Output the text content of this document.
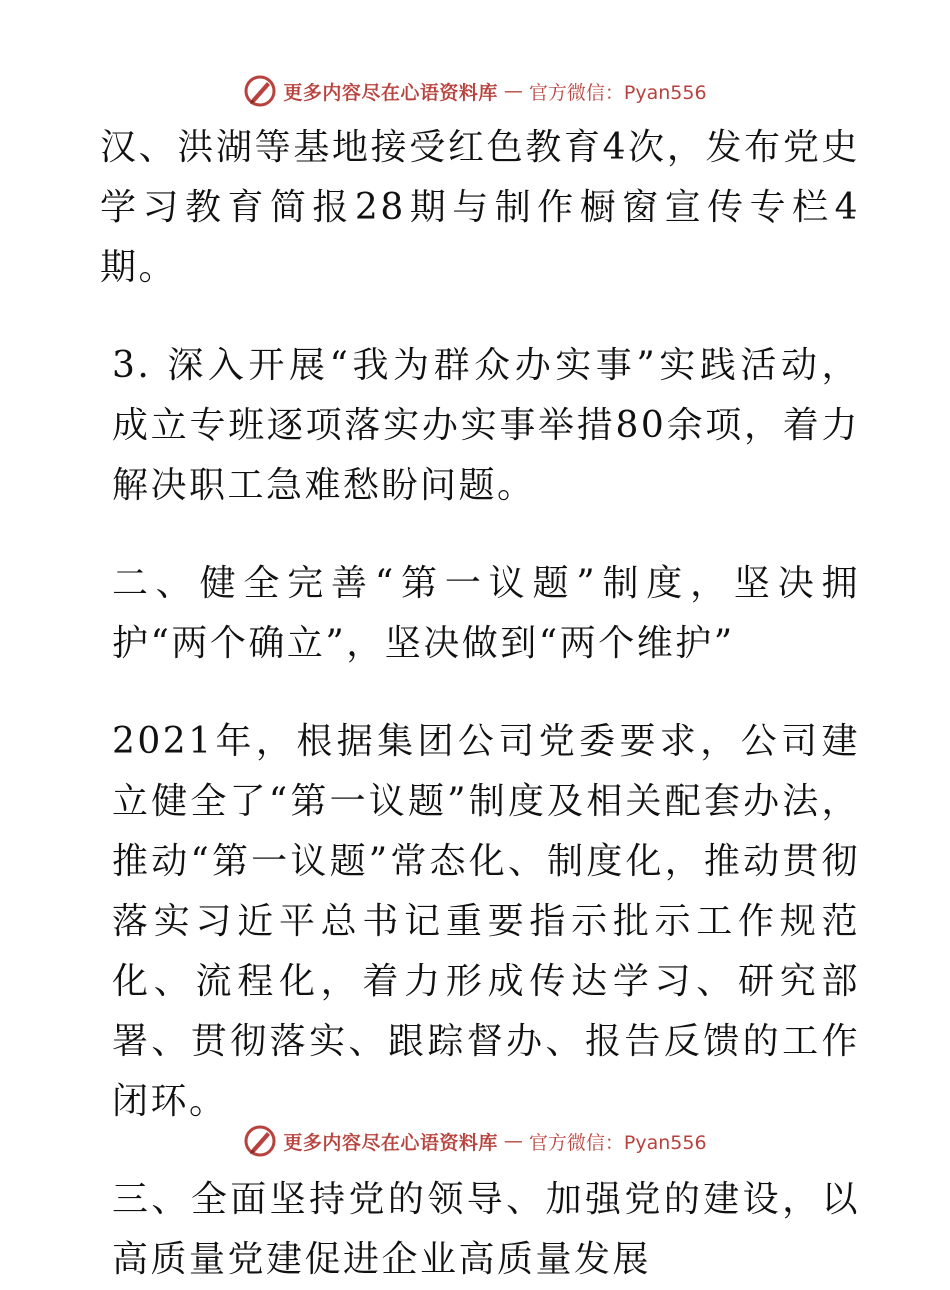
更多内容尽在心语资料库 — 官方微信：Pyan556

汉、洪湖等基地接受红色教育4次，发布党史学习教育简报28期与制作橱窗宣传专栏4期。

3. 深入开展“我为群众办实事”实践活动，成立专班逐项落实办实事举措80余项，着力解决职工急难愁盼问题。

二、健全完善“第一议题”制度，坚决拥护“两个确立”，坚决做到“两个维护”

2021年，根据集团公司党委要求，公司建立健全了“第一议题”制度及相关配套办法，推动“第一议题”常态化、制度化，推动贯彻落实习近平总书记重要指示批示工作规范化、流程化，着力形成传达学习、研究部署、贯彻落实、跟踪督办、报告反馈的工作闭环。

三、全面坚持党的领导、加强党的建设，以高质量党建促进企业高质量发展

更多内容尽在心语资料库 — 官方微信：Pyan556
